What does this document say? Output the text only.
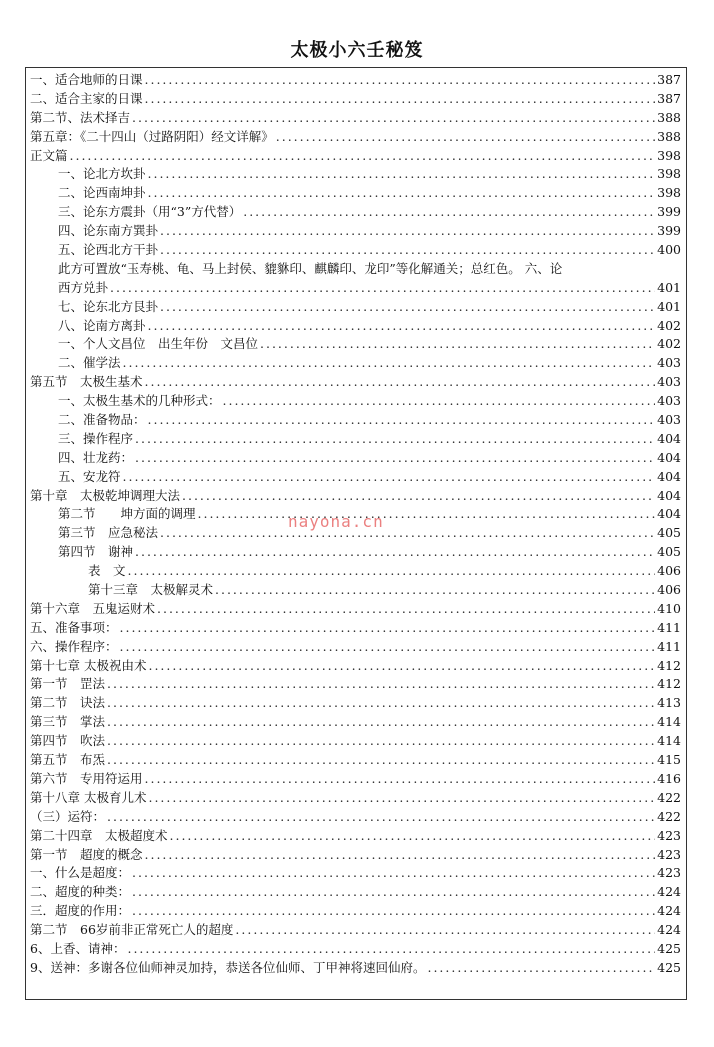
太极小六壬秘笈
一、适合地师的日课 .....	387
二、适合主家的日课 .....	387
第二节、法术择吉 .....	388
第五章：《二十四山（过路阴阳）经文详解》 .....	388
正文篇 .....	398
一、论北方坎卦 .....	398
二、论西南坤卦 .....	398
三、论东方震卦（用“3”方代替） .....	399
四、论东南方巽卦 .....	399
五、论西北方干卦 .....	400
此方可置放“玉寿桃、龟、马上封侯、貔貅印、麒麟印、龙印”等化解通关；总红色。 六、论
西方兑卦 .....	401
七、论东北方艮卦 .....	401
八、论南方离卦 .....	402
一、个人文昌位　出生年份　文昌位 .....	402
二、催学法 .....	403
第五节　太极生基术 .....	403
一、太极生基术的几种形式： .....	403
二、准备物品： .....	403
三、操作程序 .....	404
四、壮龙药： .....	404
五、安龙符 .....	404
第十章　太极乾坤调理大法 .....	404
第二节　　坤方面的调理 .....	404
第三节　应急秘法 .....	405
第四节　谢神 .....	405
表　文 .....	406
第十三章　太极解灵术 .....	406
第十六章　五鬼运财术 .....	410
五、准备事项： .....	411
六、操作程序： .....	411
第十七章 太极祝由术 .....	412
第一节　罡法 .....	412
第二节　诀法 .....	413
第三节　掌法 .....	414
第四节　吹法 .....	414
第五节　布炁 .....	415
第六节　专用符运用 .....	416
第十八章 太极育儿术 .....	422
（三）运符： .....	422
第二十四章　太极超度术 .....	423
第一节　超度的概念 .....	423
一、什么是超度： .....	423
二、超度的种类： .....	424
三．超度的作用： .....	424
第二节　66岁前非正常死亡人的超度 .....	424
6、上香、请神： .....	425
9、送神：多谢各位仙师神灵加持，恭送各位仙师、丁甲神将速回仙府。 .....	425
nayona.cn
